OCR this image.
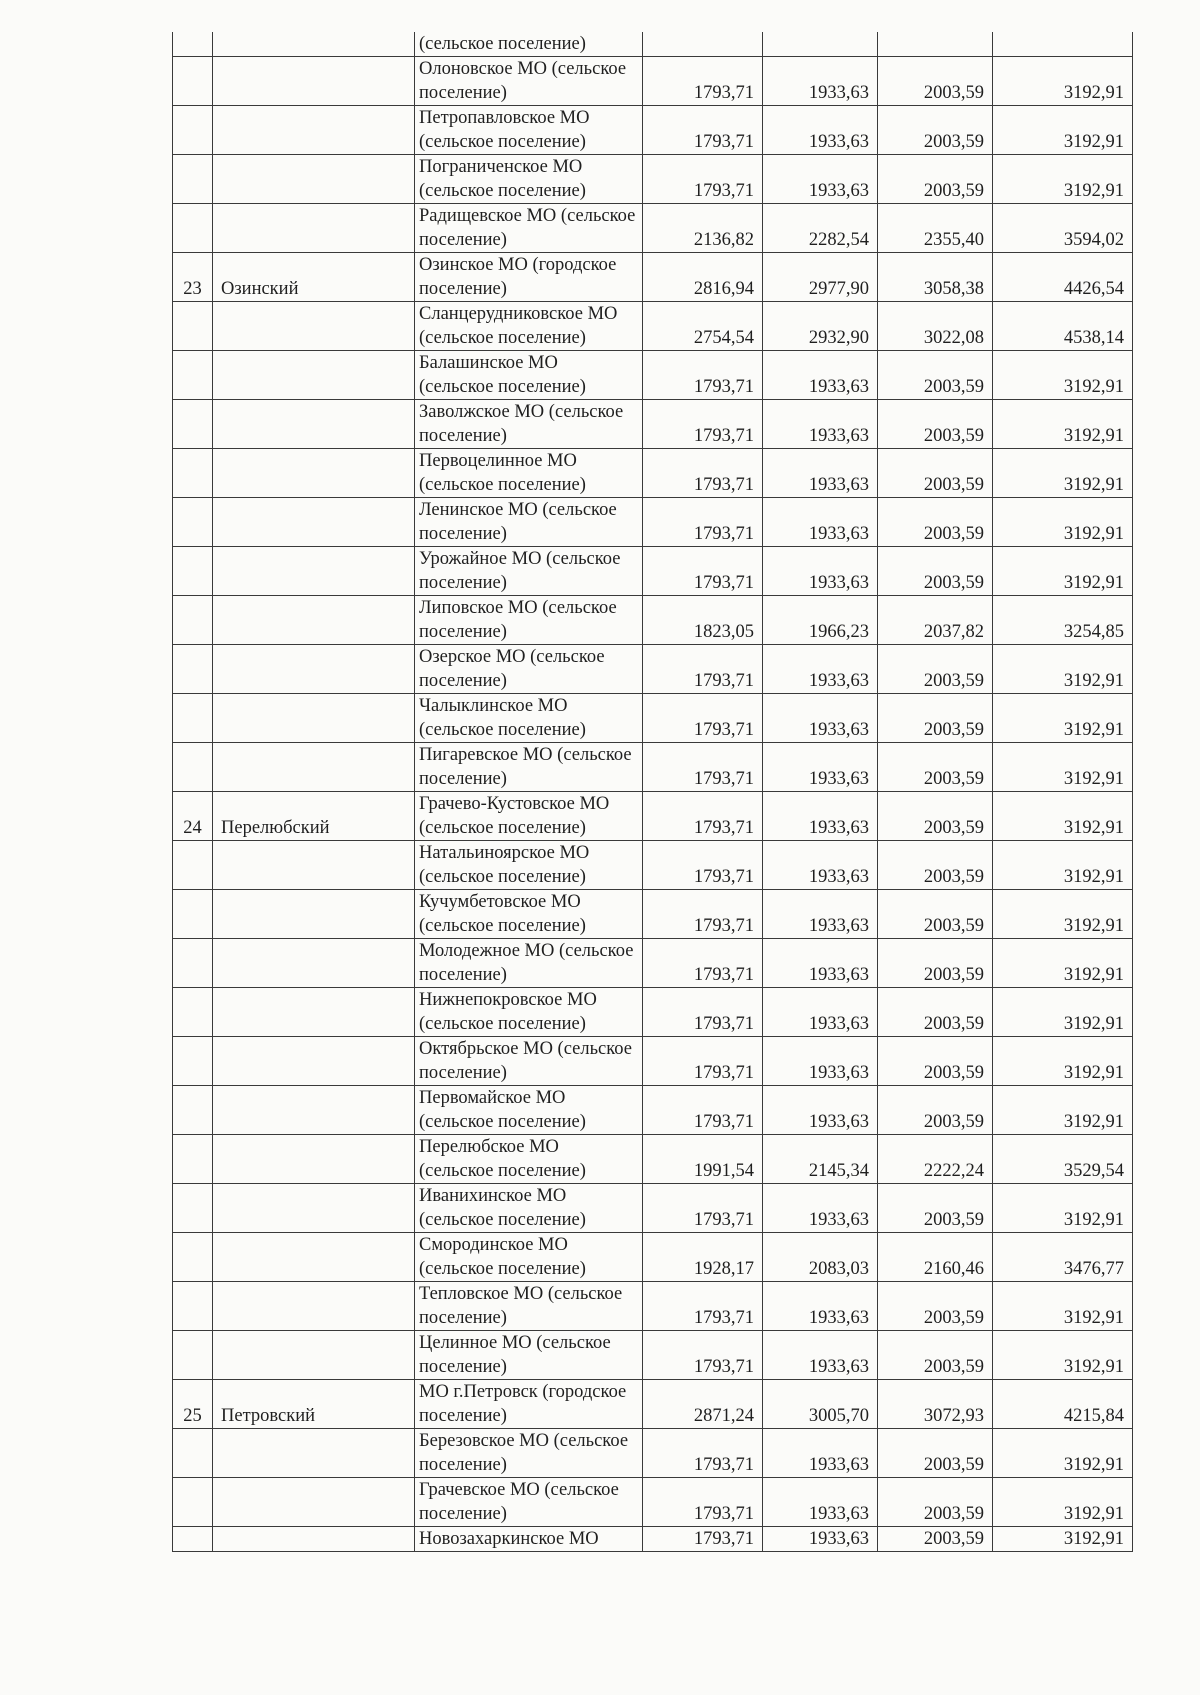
		(сельское поселение)				
		Олоновское МО (сельское поселение)	1793,71	1933,63	2003,59	3192,91
		Петропавловское МО (сельское поселение)	1793,71	1933,63	2003,59	3192,91
		Пограниченское МО (сельское поселение)	1793,71	1933,63	2003,59	3192,91
		Радищевское МО (сельское поселение)	2136,82	2282,54	2355,40	3594,02
23	Озинский	Озинское МО (городское поселение)	2816,94	2977,90	3058,38	4426,54
		Сланцерудниковское МО (сельское поселение)	2754,54	2932,90	3022,08	4538,14
		Балашинское МО (сельское поселение)	1793,71	1933,63	2003,59	3192,91
		Заволжское МО (сельское поселение)	1793,71	1933,63	2003,59	3192,91
		Первоцелинное МО (сельское поселение)	1793,71	1933,63	2003,59	3192,91
		Ленинское МО (сельское поселение)	1793,71	1933,63	2003,59	3192,91
		Урожайное МО (сельское поселение)	1793,71	1933,63	2003,59	3192,91
		Липовское МО (сельское поселение)	1823,05	1966,23	2037,82	3254,85
		Озерское МО (сельское поселение)	1793,71	1933,63	2003,59	3192,91
		Чалыклинское МО (сельское поселение)	1793,71	1933,63	2003,59	3192,91
		Пигаревское МО (сельское поселение)	1793,71	1933,63	2003,59	3192,91
24	Перелюбский	Грачево-Кустовское МО (сельское поселение)	1793,71	1933,63	2003,59	3192,91
		Натальиноярское МО (сельское поселение)	1793,71	1933,63	2003,59	3192,91
		Кучумбетовское МО (сельское поселение)	1793,71	1933,63	2003,59	3192,91
		Молодежное МО (сельское поселение)	1793,71	1933,63	2003,59	3192,91
		Нижнепокровское МО (сельское поселение)	1793,71	1933,63	2003,59	3192,91
		Октябрьское МО (сельское поселение)	1793,71	1933,63	2003,59	3192,91
		Первомайское МО (сельское поселение)	1793,71	1933,63	2003,59	3192,91
		Перелюбское МО (сельское поселение)	1991,54	2145,34	2222,24	3529,54
		Иванихинское МО (сельское поселение)	1793,71	1933,63	2003,59	3192,91
		Смородинское МО (сельское поселение)	1928,17	2083,03	2160,46	3476,77
		Тепловское МО (сельское поселение)	1793,71	1933,63	2003,59	3192,91
		Целинное МО (сельское поселение)	1793,71	1933,63	2003,59	3192,91
25	Петровский	МО г.Петровск (городское поселение)	2871,24	3005,70	3072,93	4215,84
		Березовское МО (сельское поселение)	1793,71	1933,63	2003,59	3192,91
		Грачевское МО (сельское поселение)	1793,71	1933,63	2003,59	3192,91
		Новозахаркинское МО	1793,71	1933,63	2003,59	3192,91
